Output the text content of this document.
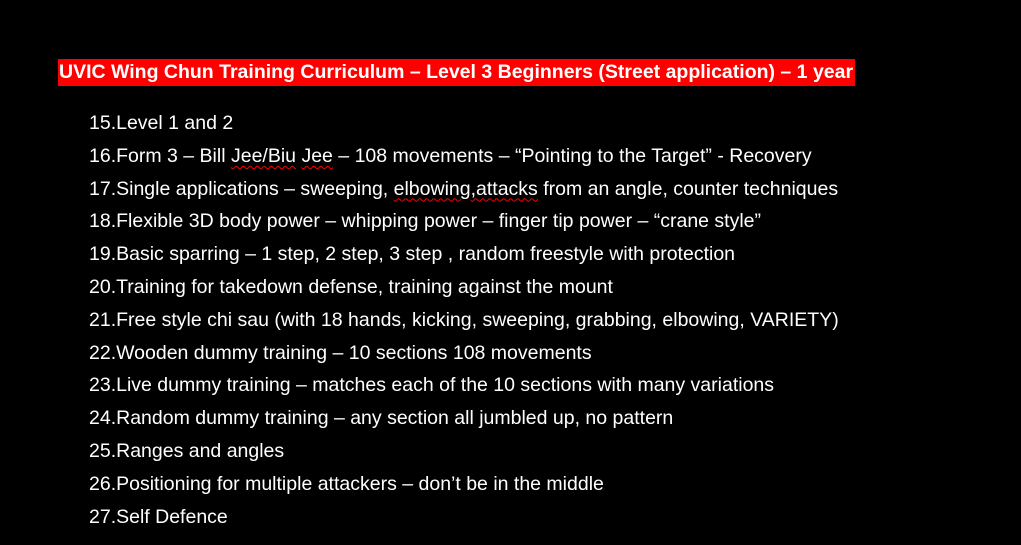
UVIC Wing Chun Training Curriculum – Level 3 Beginners (Street application) – 1 year
15.Level 1 and 2
16.Form 3 – Bill Jee/Biu Jee – 108 movements – “Pointing to the Target” - Recovery
17.Single applications – sweeping, elbowing,attacks from an angle, counter techniques
18.Flexible 3D body power – whipping power – finger tip power – “crane style”
19.Basic sparring – 1 step, 2 step, 3 step , random freestyle with protection
20.Training for takedown defense, training against the mount
21.Free style chi sau (with 18 hands, kicking, sweeping, grabbing, elbowing, VARIETY)
22.Wooden dummy training – 10 sections 108 movements
23.Live dummy training – matches each of the 10 sections with many variations
24.Random dummy training – any section all jumbled up, no pattern
25.Ranges and angles
26.Positioning for multiple attackers – don’t be in the middle
27.Self Defence
